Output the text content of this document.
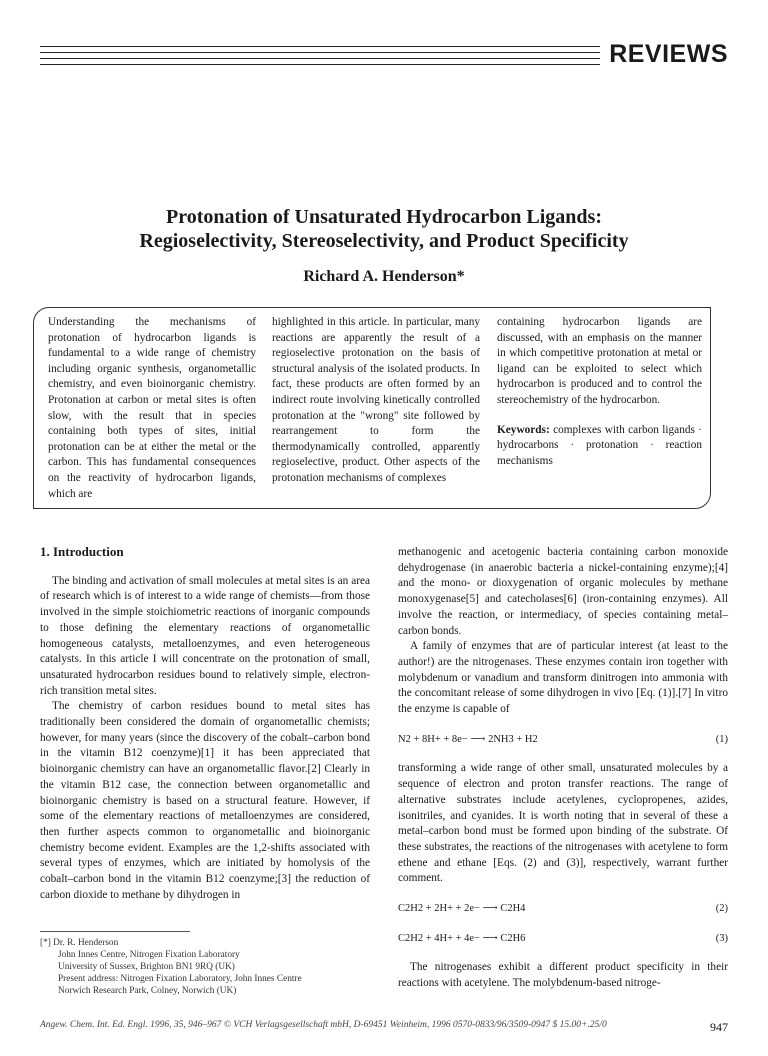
REVIEWS
Protonation of Unsaturated Hydrocarbon Ligands:
Regioselectivity, Stereoselectivity, and Product Specificity
Richard A. Henderson*
Understanding the mechanisms of protonation of hydrocarbon ligands is fundamental to a wide range of chemistry including organic synthesis, organometallic chemistry, and even bioinorganic chemistry. Protonation at carbon or metal sites is often slow, with the result that in species containing both types of sites, initial protonation can be at either the metal or the carbon. This has fundamental consequences on the reactivity of hydrocarbon ligands, which are
highlighted in this article. In particular, many reactions are apparently the result of a regioselective protonation on the basis of structural analysis of the isolated products. In fact, these products are often formed by an indirect route involving kinetically controlled protonation at the "wrong" site followed by rearrangement to form the thermodynamically controlled, apparently regioselective, product. Other aspects of the protonation mechanisms of complexes
containing hydrocarbon ligands are discussed, with an emphasis on the manner in which competitive protonation at metal or ligand can be exploited to select which hydrocarbon is produced and to control the stereochemistry of the hydrocarbon.
Keywords: complexes with carbon ligands · hydrocarbons · protonation · reaction mechanisms
1. Introduction

The binding and activation of small molecules at metal sites is an area of research which is of interest to a wide range of chemists—from those involved in the simple stoichiometric reactions of inorganic compounds to those defining the elementary reactions of organometallic homogeneous catalysts, metalloenzymes, and even heterogeneous catalysts. In this article I will concentrate on the protonation of small, unsaturated hydrocarbon residues bound to relatively simple, electron-rich transition metal sites.

The chemistry of carbon residues bound to metal sites has traditionally been considered the domain of organometallic chemists; however, for many years (since the discovery of the cobalt–carbon bond in the vitamin B12 coenzyme)[1] it has been appreciated that bioinorganic chemistry can have an organometallic flavor.[2] Clearly in the vitamin B12 case, the connection between organometallic and bioinorganic chemistry is based on a structural feature. However, if some of the elementary reactions of metalloenzymes are considered, then further aspects common to organometallic and bioinorganic chemistry become evident. Examples are the 1,2-shifts associated with several types of enzymes, which are initiated by homolysis of the cobalt–carbon bond in the vitamin B12 coenzyme;[3] the reduction of carbon dioxide to methane by dihydrogen in

methanogenic and acetogenic bacteria containing carbon monoxide dehydrogenase (in anaerobic bacteria a nickel-containing enzyme);[4] and the mono- or dioxygenation of organic molecules by methane monoxygenase[5] and catecholases[6] (iron-containing enzymes). All involve the reaction, or intermediacy, of species containing metal–carbon bonds.

A family of enzymes that are of particular interest (at least to the author!) are the nitrogenases. These enzymes contain iron together with molybdenum or vanadium and transform dinitrogen into ammonia with the concomitant release of some dihydrogen in vivo [Eq. (1)].[7] In vitro the enzyme is capable of

N2 + 8H+ + 8e− ⟶ 2NH3 + H2	(1)

transforming a wide range of other small, unsaturated molecules by a sequence of electron and proton transfer reactions. The range of alternative substrates include acetylenes, cyclopropenes, azides, isonitriles, and cyanides. It is worth noting that in several of these a metal–carbon bond must be formed upon binding of the substrate. Of these substrates, the reactions of the nitrogenases with acetylene to form ethene and ethane [Eqs. (2) and (3)], respectively, warrant further comment.

C2H2 + 2H+ + 2e− ⟶ C2H4	(2)
C2H2 + 4H+ + 4e− ⟶ C2H6	(3)

The nitrogenases exhibit a different product specificity in their reactions with acetylene. The molybdenum-based nitroge-

[*] Dr. R. Henderson
John Innes Centre, Nitrogen Fixation Laboratory
University of Sussex, Brighton BN1 9RQ (UK)
Present address: Nitrogen Fixation Laboratory, John Innes Centre
Norwich Research Park, Colney, Norwich (UK)
Angew. Chem. Int. Ed. Engl. 1996, 35, 946–967 © VCH Verlagsgesellschaft mbH, D-69451 Weinheim, 1996 0570-0833/96/3509-0947 $ 15.00+.25/0	947
